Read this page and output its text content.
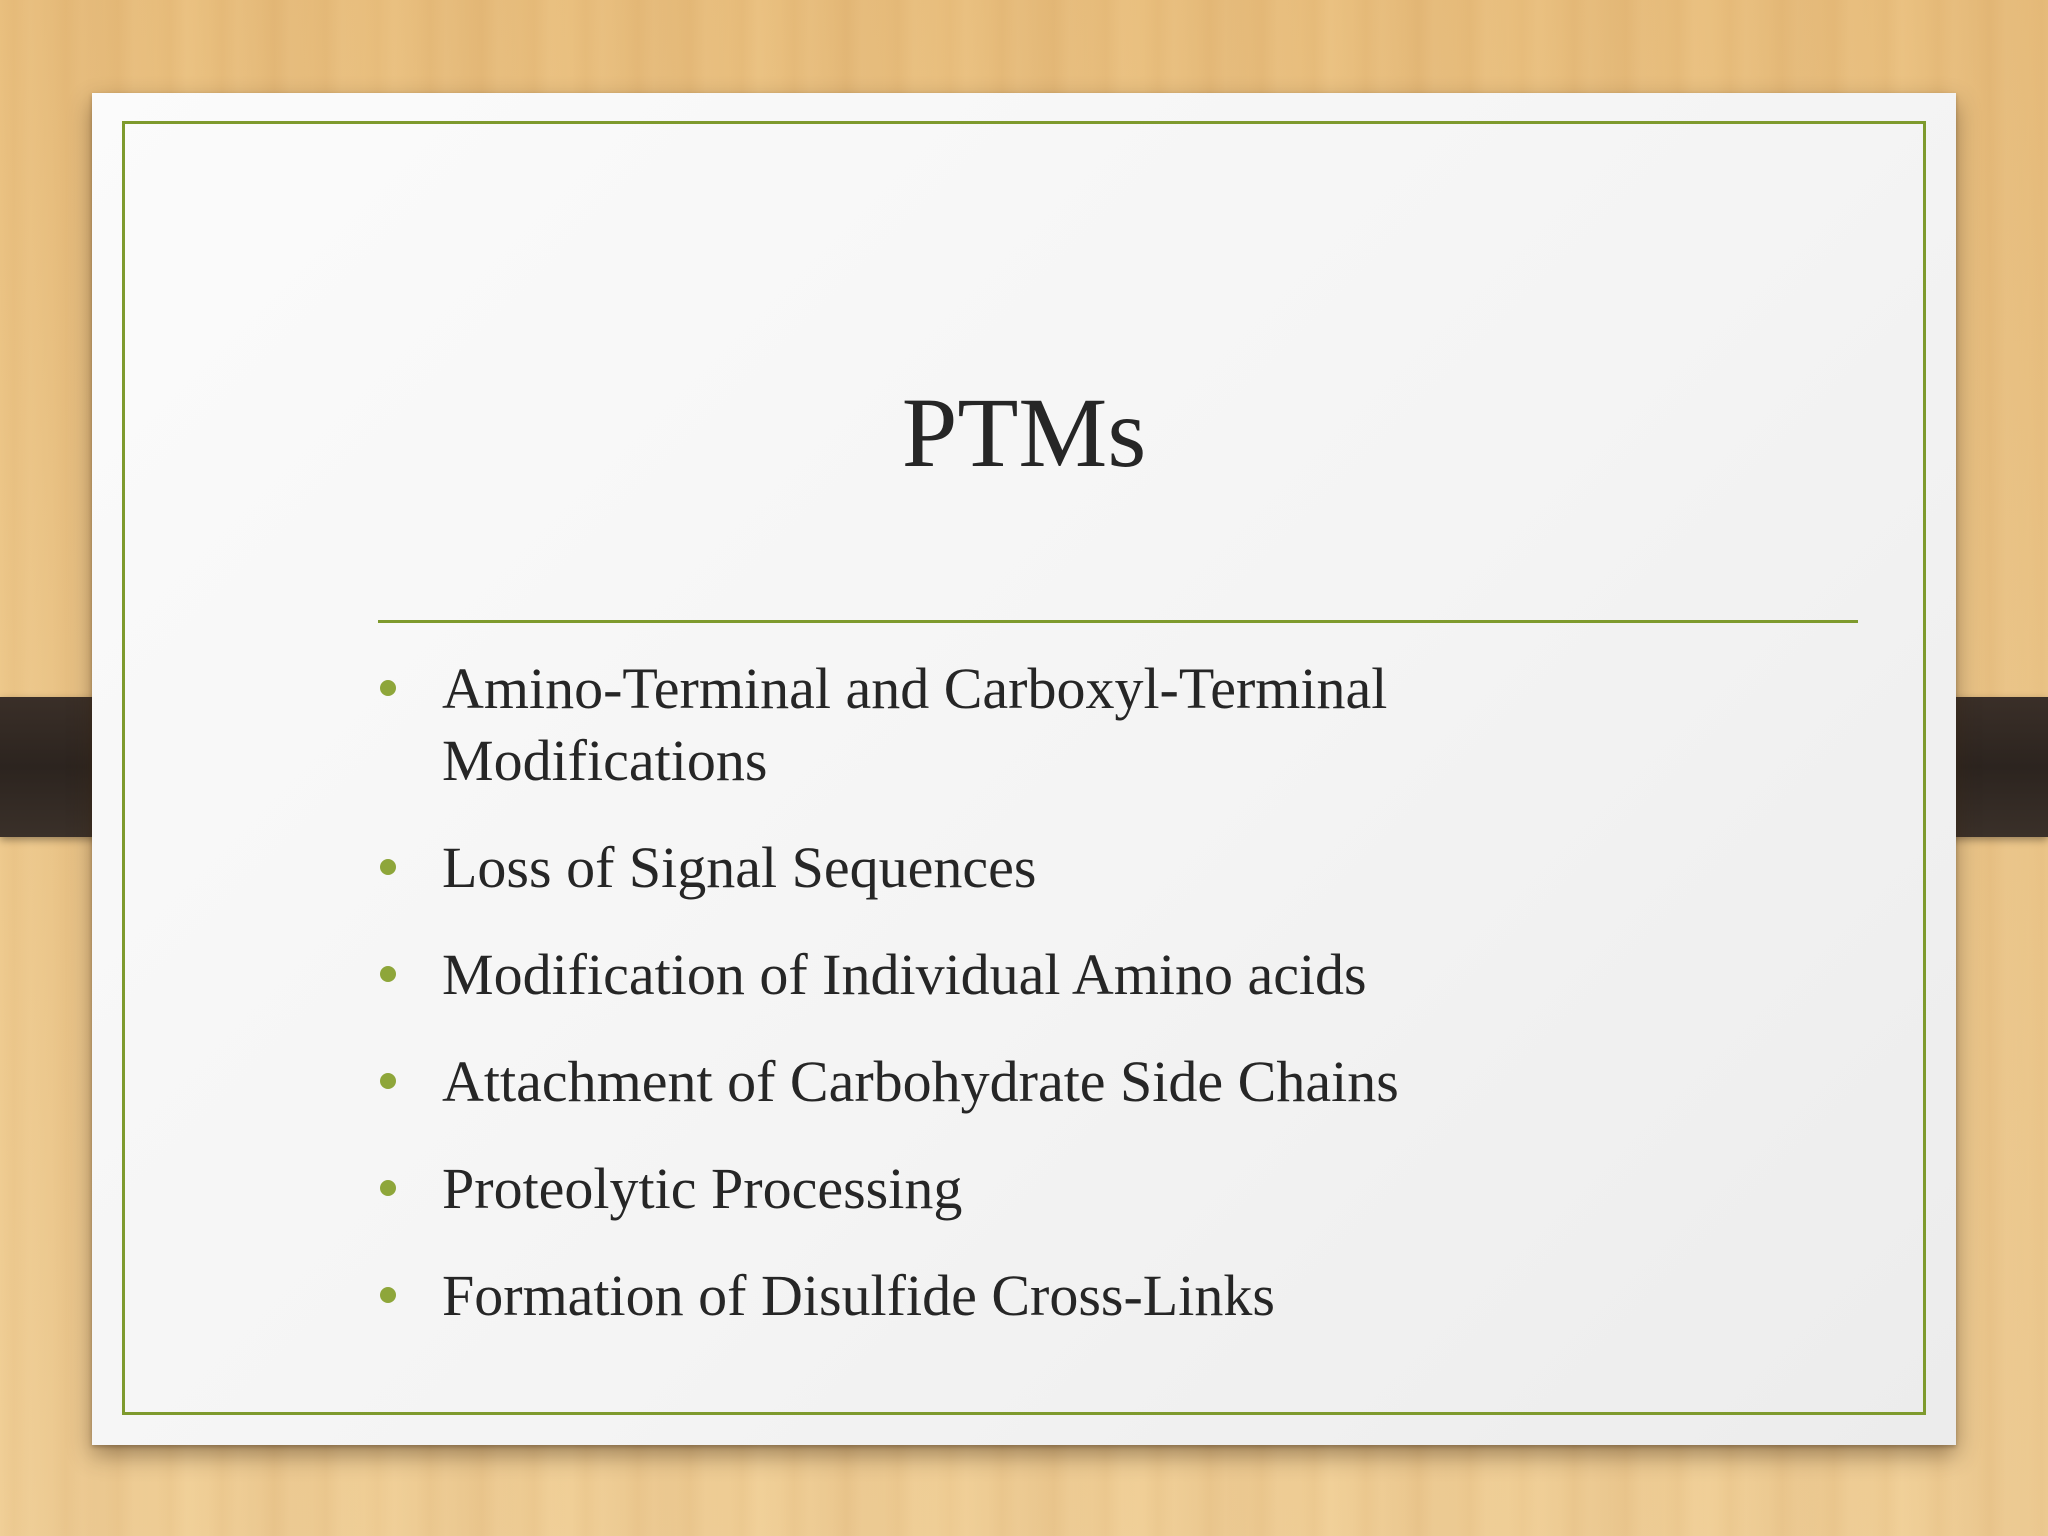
PTMs
Amino-Terminal and Carboxyl-Terminal Modifications
Loss of Signal Sequences
Modification of Individual Amino acids
Attachment of Carbohydrate Side Chains
Proteolytic Processing
Formation of Disulfide Cross-Links
